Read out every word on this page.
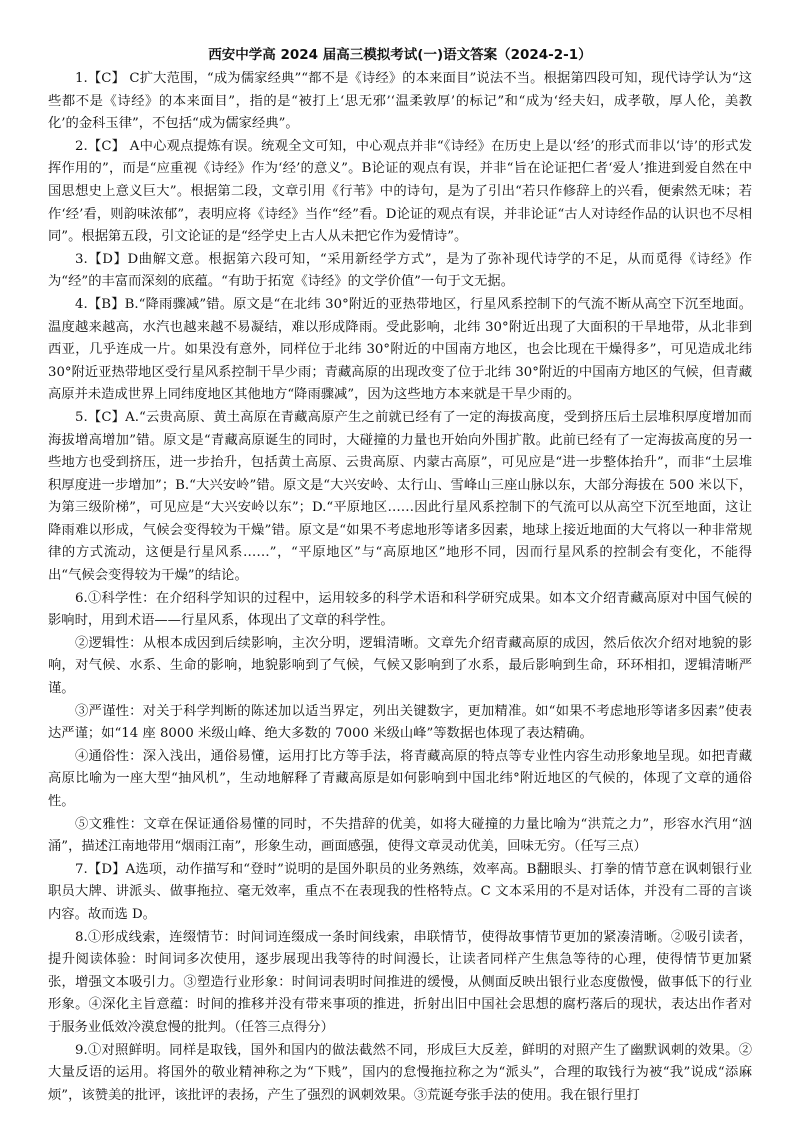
西安中学高 2024 届高三模拟考试(一)语文答案（2024-2-1）

1.【C】 C扩大范围，“成为儒家经典”“都不是《诗经》的本来面目”说法不当。根据第四段可知，现代诗学认为“这些都不是《诗经》的本来面目”，指的是“被打上‘思无邪’‘温柔敦厚’的标记”和“成为‘经夫妇，成孝敬，厚人伦，美教化’的金科玉律”，不包括“成为儒家经典”。

2.【C】 A中心观点提炼有误。统观全文可知，中心观点并非“《诗经》在历史上是以‘经’的形式而非以‘诗’的形式发挥作用的”，而是“应重视《诗经》作为‘经’的意义”。B论证的观点有误，并非“旨在论证把仁者‘爱人’推进到爱自然在中国思想史上意义巨大”。根据第二段，文章引用《行苇》中的诗句，是为了引出“若只作修辞上的兴看，便索然无味；若作‘经’看，则韵味浓郁”，表明应将《诗经》当作“经”看。D论证的观点有误，并非论证“古人对诗经作品的认识也不尽相同”。根据第五段，引文论证的是“经学史上古人从未把它作为爱情诗”。

3.【D】D曲解文意。根据第六段可知，“采用新经学方式”，是为了弥补现代诗学的不足，从而觅得《诗经》作为“经”的丰富而深刻的底蕴。“有助于拓宽《诗经》的文学价值”一句于文无据。

4.【B】B.“降雨骤减”错。原文是“在北纬 30°附近的亚热带地区，行星风系控制下的气流不断从高空下沉至地面。温度越来越高，水汽也越来越不易凝结，难以形成降雨。受此影响，北纬 30°附近出现了大面积的干旱地带，从北非到西亚，几乎连成一片。如果没有意外，同样位于北纬 30°附近的中国南方地区，也会比现在干燥得多”，可见造成北纬 30°附近亚热带地区受行星风系控制干旱少雨；青藏高原的出现改变了位于北纬 30°附近的中国南方地区的气候，但青藏高原并未造成世界上同纬度地区其他地方“降雨骤减”，因为这些地方本来就是干旱少雨的。

5.【C】A.“云贵高原、黄土高原在青藏高原产生之前就已经有了一定的海拔高度，受到挤压后土层堆积厚度增加而海拔增高增加”错。原文是“青藏高原诞生的同时，大碰撞的力量也开始向外围扩散。此前已经有了一定海拔高度的另一些地方也受到挤压，进一步抬升，包括黄土高原、云贵高原、内蒙古高原”，可见应是“进一步整体抬升”，而非“土层堆积厚度进一步增加”；B.“大兴安岭”错。原文是“大兴安岭、太行山、雪峰山三座山脉以东，大部分海拔在 500 米以下，为第三级阶梯”，可见应是“大兴安岭以东”；D.“平原地区……因此行星风系控制下的气流可以从高空下沉至地面，这让降雨难以形成，气候会变得较为干燥”错。原文是“如果不考虑地形等诸多因素，地球上接近地面的大气将以一种非常规律的方式流动，这便是行星风系……”，“平原地区”与“高原地区”地形不同，因而行星风系的控制会有变化，不能得出“气候会变得较为干燥”的结论。

6.①科学性：在介绍科学知识的过程中，运用较多的科学术语和科学研究成果。如本文介绍青藏高原对中国气候的影响时，用到术语——行星风系，体现出了文章的科学性。

②逻辑性：从根本成因到后续影响，主次分明，逻辑清晰。文章先介绍青藏高原的成因，然后依次介绍对地貌的影响，对气候、水系、生命的影响，地貌影响到了气候，气候又影响到了水系，最后影响到生命，环环相扣，逻辑清晰严谨。

③严谨性：对关于科学判断的陈述加以适当界定，列出关键数字，更加精准。如“如果不考虑地形等诸多因素”使表达严谨；如“14 座 8000 米级山峰、绝大多数的 7000 米级山峰”等数据也体现了表达精确。

④通俗性：深入浅出，通俗易懂，运用打比方等手法，将青藏高原的特点等专业性内容生动形象地呈现。如把青藏高原比喻为一座大型“抽风机”，生动地解释了青藏高原是如何影响到中国北纬°附近地区的气候的，体现了文章的通俗性。

⑤文雅性：文章在保证通俗易懂的同时，不失措辞的优美，如将大碰撞的力量比喻为“洪荒之力”，形容水汽用“汹涌”，描述江南地带用“烟雨江南”，形象生动，画面感强，使得文章灵动优美，回味无穷。（任写三点）

7.【D】A选项，动作描写和“登时”说明的是国外职员的业务熟练，效率高。B翻眼头、打拳的情节意在讽刺银行业职员大牌、讲派头、做事拖拉、毫无效率，重点不在表现我的性格特点。C 文本采用的不是对话体，并没有二哥的言谈内容。故而选 D。

8.①形成线索，连缀情节：时间词连缀成一条时间线索，串联情节，使得故事情节更加的紧凑清晰。②吸引读者，提升阅读体验：时间词多次使用，逐步展现出我等待的时间漫长，让读者同样产生焦急等待的心理，使得情节更加紧张，增强文本吸引力。③塑造行业形象：时间词表明时间推进的缓慢，从侧面反映出银行业态度傲慢，做事低下的行业形象。④深化主旨意蕴：时间的推移并没有带来事项的推进，折射出旧中国社会思想的腐朽落后的现状，表达出作者对于服务业低效冷漠怠慢的批判。（任答三点得分）

9.①对照鲜明。同样是取钱，国外和国内的做法截然不同，形成巨大反差，鲜明的对照产生了幽默讽刺的效果。②大量反语的运用。将国外的敬业精神称之为“下贱”，国内的怠慢拖拉称之为“派头”，合理的取钱行为被“我”说成“添麻烦”，该赞美的批评，该批评的表扬，产生了强烈的讽刺效果。③荒诞夸张手法的使用。我在银行里打
